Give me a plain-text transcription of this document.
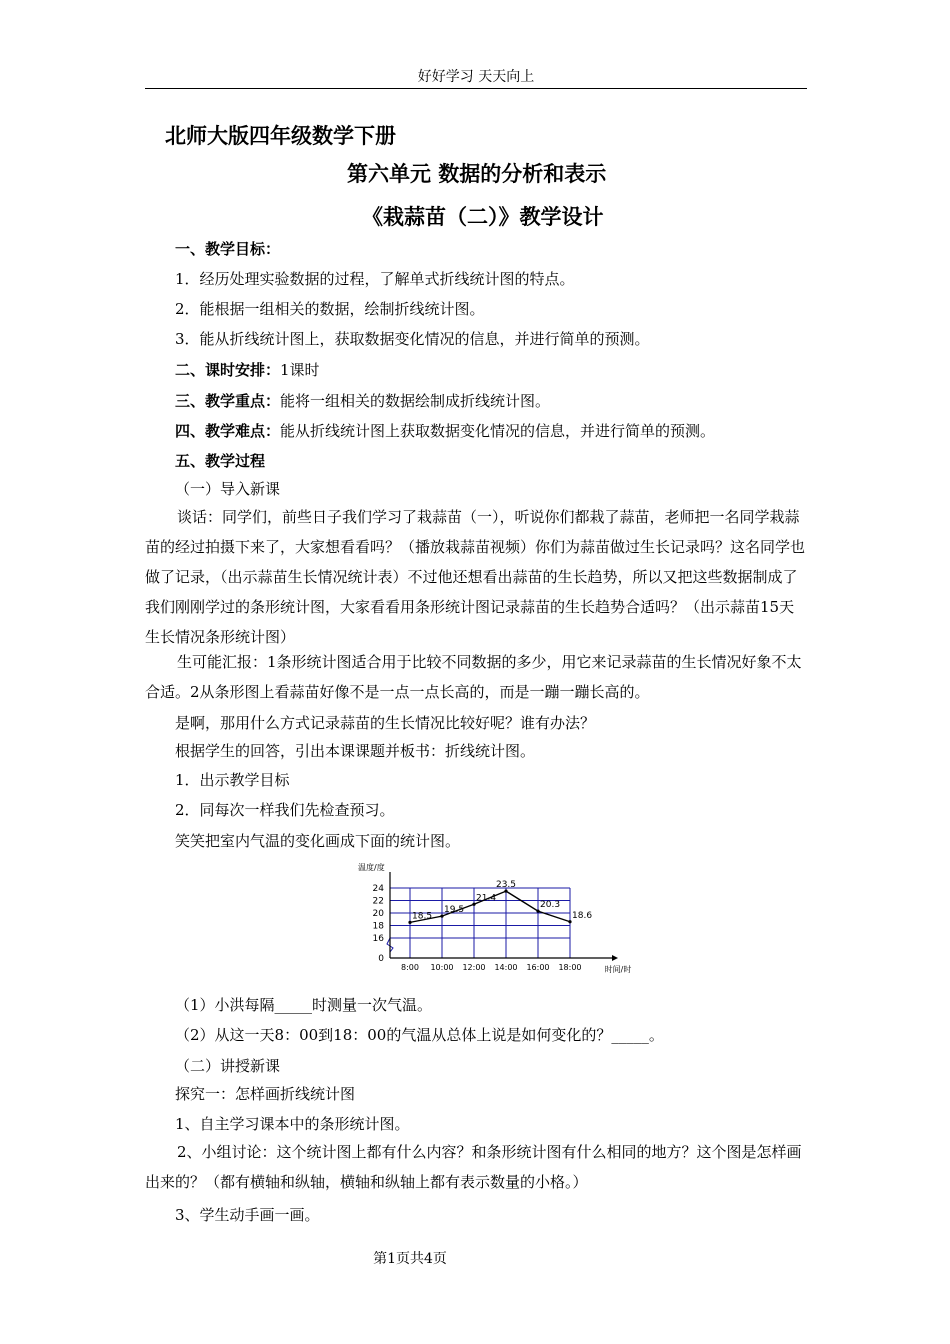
好好学习 天天向上
北师大版四年级数学下册
第六单元 数据的分析和表示
《栽蒜苗（二）》教学设计
一、教学目标：
1．经历处理实验数据的过程，了解单式折线统计图的特点。
2．能根据一组相关的数据，绘制折线统计图。
3．能从折线统计图上，获取数据变化情况的信息，并进行简单的预测。
二、课时安排：1课时
三、教学重点：能将一组相关的数据绘制成折线统计图。
四、教学难点：能从折线统计图上获取数据变化情况的信息，并进行简单的预测。
五、教学过程
（一）导入新课

谈话：同学们，前些日子我们学习了栽蒜苗（一），听说你们都栽了蒜苗，老师把一名同学栽蒜苗的经过拍摄下来了，大家想看看吗？（播放栽蒜苗视频）你们为蒜苗做过生长记录吗？这名同学也做了记录，（出示蒜苗生长情况统计表）不过他还想看出蒜苗的生长趋势，所以又把这些数据制成了我们刚刚学过的条形统计图，大家看看用条形统计图记录蒜苗的生长趋势合适吗？（出示蒜苗15天生长情况条形统计图）

生可能汇报：1条形统计图适合用于比较不同数据的多少，用它来记录蒜苗的生长情况好象不太合适。2从条形图上看蒜苗好像不是一点一点长高的，而是一蹦一蹦长高的。

是啊，那用什么方式记录蒜苗的生长情况比较好呢？谁有办法？
根据学生的回答，引出本课课题并板书：折线统计图。
1．出示教学目标
2．同每次一样我们先检查预习。
笑笑把室内气温的变化画成下面的统计图。
24
22
20
18
16
0
8:00 10:00 12:00 14:00 16:00 18:00
温度/度
时间/时
18.5
19.5
21.4
23.5
20.3
18.6
（1）小洪每隔_____时测量一次气温。
（2）从这一天8：00到18：00的气温从总体上说是如何变化的？_____。
（二）讲授新课
探究一：怎样画折线统计图
1、自主学习课本中的条形统计图。

2、小组讨论：这个统计图上都有什么内容？和条形统计图有什么相同的地方？这个图是怎样画出来的？（都有横轴和纵轴，横轴和纵轴上都有表示数量的小格。）

3、学生动手画一画。
第1页共4页
